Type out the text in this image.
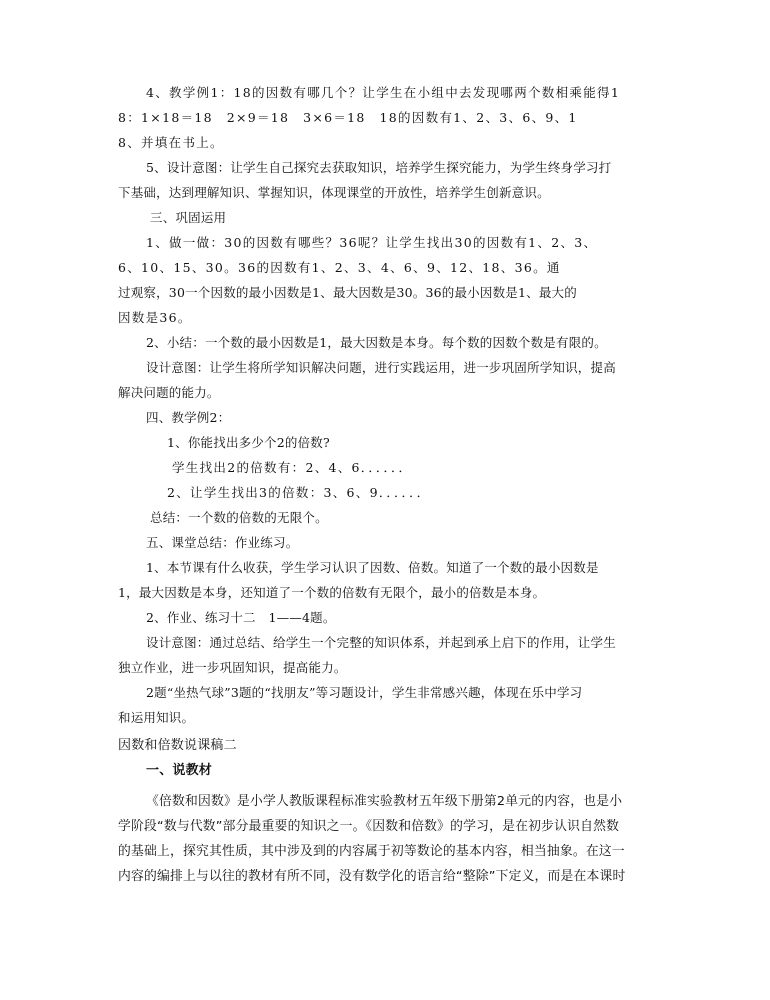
4、教学例1：18的因数有哪几个？让学生在小组中去发现哪两个数相乘能得1
8：1×18＝18　2×9＝18　3×6＝18　18的因数有1、2、3、6、9、1
8、并填在书上。
5、设计意图：让学生自己探究去获取知识，培养学生探究能力，为学生终身学习打
下基础，达到理解知识、掌握知识，体现课堂的开放性，培养学生创新意识。
三、巩固运用
1、做一做：30的因数有哪些？36呢？让学生找出30的因数有1、2、3、
6、10、15、30。36的因数有1、2、3、4、6、9、12、18、36。通
过观察，30一个因数的最小因数是1、最大因数是30。36的最小因数是1、最大的
因数是36。
2、小结：一个数的最小因数是1，最大因数是本身。每个数的因数个数是有限的。
设计意图：让学生将所学知识解决问题，进行实践运用，进一步巩固所学知识，提高
解决问题的能力。
四、教学例2：
1、你能找出多少个2的倍数?
学生找出2的倍数有：2、4、6．．．．．．
2、让学生找出3的倍数：3、6、9．．．．．．
总结：一个数的倍数的无限个。
五、课堂总结：作业练习。
1、本节课有什么收获，学生学习认识了因数、倍数。知道了一个数的最小因数是
1，最大因数是本身，还知道了一个数的倍数有无限个，最小的倍数是本身。
2、作业、练习十二　1——4题。
设计意图：通过总结、给学生一个完整的知识体系，并起到承上启下的作用，让学生
独立作业，进一步巩固知识，提高能力。
2题“坐热气球”3题的“找朋友”等习题设计，学生非常感兴趣，体现在乐中学习
和运用知识。
因数和倍数说课稿二
一、说教材
《倍数和因数》是小学人教版课程标准实验教材五年级下册第2单元的内容，也是小
学阶段“数与代数”部分最重要的知识之一。《因数和倍数》的学习，是在初步认识自然数
的基础上，探究其性质，其中涉及到的内容属于初等数论的基本内容，相当抽象。在这一
内容的编排上与以往的教材有所不同，没有数学化的语言给“整除”下定义，而是在本课时
